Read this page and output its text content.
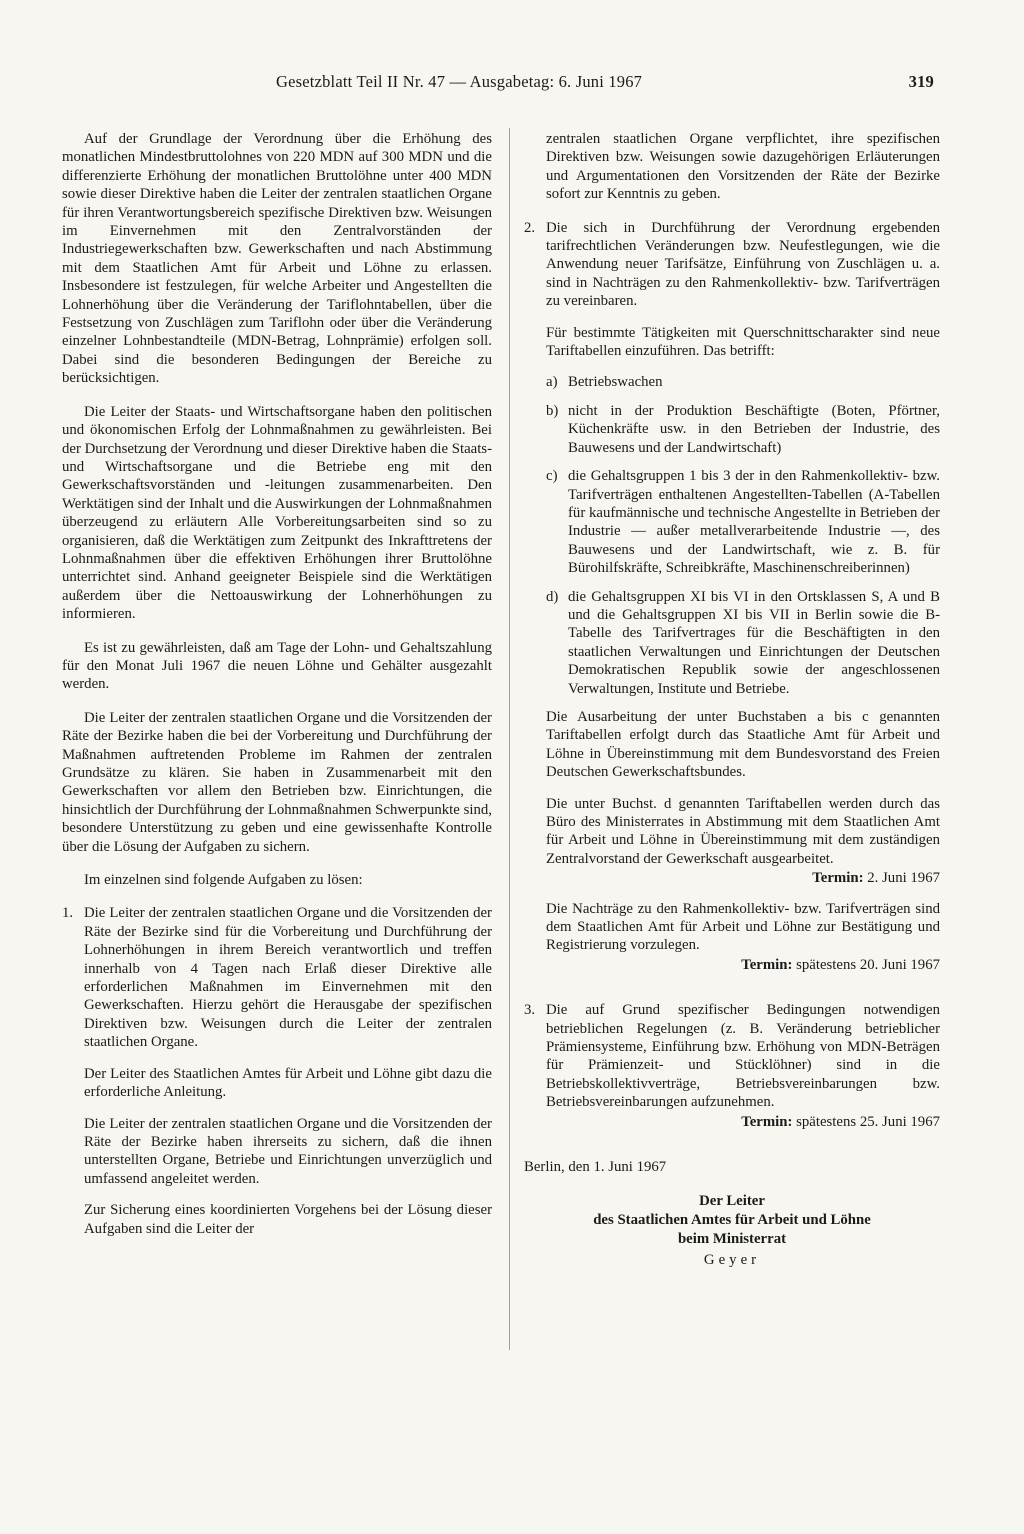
Gesetzblatt Teil II Nr. 47 — Ausgabetag: 6. Juni 1967	319

Auf der Grundlage der Verordnung über die Erhöhung des monatlichen Mindestbruttolohnes von 220 MDN auf 300 MDN und die differenzierte Erhöhung der monatlichen Bruttolöhne unter 400 MDN sowie dieser Direktive haben die Leiter der zentralen staatlichen Organe für ihren Verantwortungsbereich spezifische Direktiven bzw. Weisungen im Einvernehmen mit den Zentralvorständen der Industriegewerkschaften bzw. Gewerkschaften und nach Abstimmung mit dem Staatlichen Amt für Arbeit und Löhne zu erlassen. Insbesondere ist festzulegen, für welche Arbeiter und Angestellten die Lohnerhöhung über die Veränderung der Tariflohntabellen, über die Festsetzung von Zuschlägen zum Tariflohn oder über die Veränderung einzelner Lohnbestandteile (MDN-Betrag, Lohnprämie) erfolgen soll. Dabei sind die besonderen Bedingungen der Bereiche zu berücksichtigen.

Die Leiter der Staats- und Wirtschaftsorgane haben den politischen und ökonomischen Erfolg der Lohnmaßnahmen zu gewährleisten. Bei der Durchsetzung der Verordnung und dieser Direktive haben die Staats- und Wirtschaftsorgane und die Betriebe eng mit den Gewerkschaftsvorständen und -leitungen zusammenarbeiten. Den Werktätigen sind der Inhalt und die Auswirkungen der Lohnmaßnahmen überzeugend zu erläutern Alle Vorbereitungsarbeiten sind so zu organisieren, daß die Werktätigen zum Zeitpunkt des Inkrafttretens der Lohnmaßnahmen über die effektiven Erhöhungen ihrer Bruttolöhne unterrichtet sind. Anhand geeigneter Beispiele sind die Werktätigen außerdem über die Nettoauswirkung der Lohnerhöhungen zu informieren.

Es ist zu gewährleisten, daß am Tage der Lohn- und Gehaltszahlung für den Monat Juli 1967 die neuen Löhne und Gehälter ausgezahlt werden.

Die Leiter der zentralen staatlichen Organe und die Vorsitzenden der Räte der Bezirke haben die bei der Vorbereitung und Durchführung der Maßnahmen auftretenden Probleme im Rahmen der zentralen Grundsätze zu klären. Sie haben in Zusammenarbeit mit den Gewerkschaften vor allem den Betrieben bzw. Einrichtungen, die hinsichtlich der Durchführung der Lohnmaßnahmen Schwerpunkte sind, besondere Unterstützung zu geben und eine gewissenhafte Kontrolle über die Lösung der Aufgaben zu sichern.

Im einzelnen sind folgende Aufgaben zu lösen:

1. Die Leiter der zentralen staatlichen Organe und die Vorsitzenden der Räte der Bezirke sind für die Vorbereitung und Durchführung der Lohnerhöhungen in ihrem Bereich verantwortlich und treffen innerhalb von 4 Tagen nach Erlaß dieser Direktive alle erforderlichen Maßnahmen im Einvernehmen mit den Gewerkschaften. Hierzu gehört die Herausgabe der spezifischen Direktiven bzw. Weisungen durch die Leiter der zentralen staatlichen Organe.

Der Leiter des Staatlichen Amtes für Arbeit und Löhne gibt dazu die erforderliche Anleitung.

Die Leiter der zentralen staatlichen Organe und die Vorsitzenden der Räte der Bezirke haben ihrerseits zu sichern, daß die ihnen unterstellten Organe, Betriebe und Einrichtungen unverzüglich und umfassend angeleitet werden.

Zur Sicherung eines koordinierten Vorgehens bei der Lösung dieser Aufgaben sind die Leiter der

zentralen staatlichen Organe verpflichtet, ihre spezifischen Direktiven bzw. Weisungen sowie dazugehörigen Erläuterungen und Argumentationen den Vorsitzenden der Räte der Bezirke sofort zur Kenntnis zu geben.

2. Die sich in Durchführung der Verordnung ergebenden tarifrechtlichen Veränderungen bzw. Neufestlegungen, wie die Anwendung neuer Tarifsätze, Einführung von Zuschlägen u. a. sind in Nachträgen zu den Rahmenkollektiv- bzw. Tarifverträgen zu vereinbaren.

Für bestimmte Tätigkeiten mit Querschnittscharakter sind neue Tariftabellen einzuführen. Das betrifft:

a) Betriebswachen
b) nicht in der Produktion Beschäftigte (Boten, Pförtner, Küchenkräfte usw. in den Betrieben der Industrie, des Bauwesens und der Landwirtschaft)
c) die Gehaltsgruppen 1 bis 3 der in den Rahmenkollektiv- bzw. Tarifverträgen enthaltenen Angestellten-Tabellen (A-Tabellen für kaufmännische und technische Angestellte in Betrieben der Industrie — außer metallverarbeitende Industrie —, des Bauwesens und der Landwirtschaft, wie z. B. für Bürohilfskräfte, Schreibkräfte, Maschinenschreiberinnen)
d) die Gehaltsgruppen XI bis VI in den Ortsklassen S, A und B und die Gehaltsgruppen XI bis VII in Berlin sowie die B-Tabelle des Tarifvertrages für die Beschäftigten in den staatlichen Verwaltungen und Einrichtungen der Deutschen Demokratischen Republik sowie der angeschlossenen Verwaltungen, Institute und Betriebe.

Die Ausarbeitung der unter Buchstaben a bis c genannten Tariftabellen erfolgt durch das Staatliche Amt für Arbeit und Löhne in Übereinstimmung mit dem Bundesvorstand des Freien Deutschen Gewerkschaftsbundes.

Die unter Buchst. d genannten Tariftabellen werden durch das Büro des Ministerrates in Abstimmung mit dem Staatlichen Amt für Arbeit und Löhne in Übereinstimmung mit dem zuständigen Zentralvorstand der Gewerkschaft ausgearbeitet.

Termin: 2. Juni 1967

Die Nachträge zu den Rahmenkollektiv- bzw. Tarifverträgen sind dem Staatlichen Amt für Arbeit und Löhne zur Bestätigung und Registrierung vorzulegen.

Termin: spätestens 20. Juni 1967
3. Die auf Grund spezifischer Bedingungen notwendigen betrieblichen Regelungen (z. B. Veränderung betrieblicher Prämiensysteme, Einführung bzw. Erhöhung von MDN-Beträgen für Prämienzeit- und Stücklöhner) sind in die Betriebskollektivverträge, Betriebsvereinbarungen bzw. Betriebsvereinbarungen aufzunehmen.

Termin: spätestens 25. Juni 1967

Berlin, den 1. Juni 1967

Der Leiter
des Staatlichen Amtes für Arbeit und Löhne
beim Ministerrat
Geyer
